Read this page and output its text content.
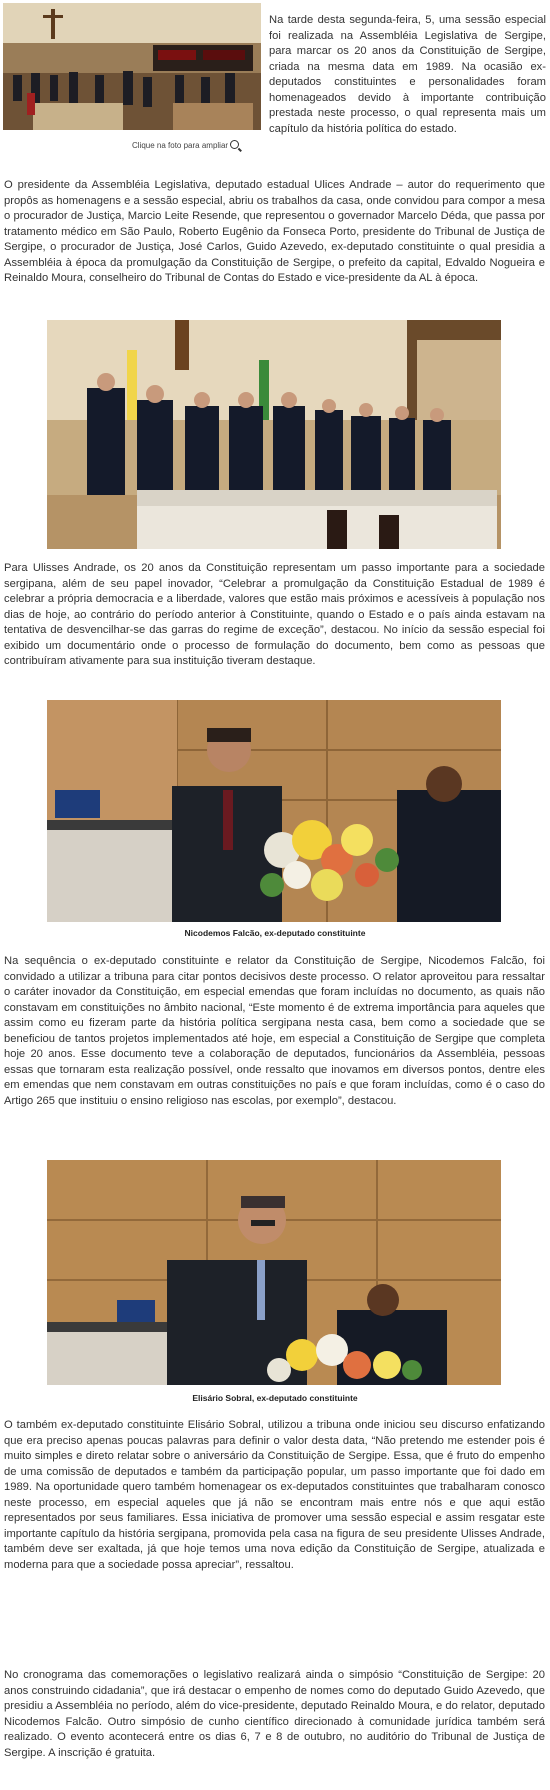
Clique na foto para ampliar

Na tarde desta segunda-feira, 5, uma sessão especial foi realizada na Assembléia Legislativa de Sergipe, para marcar os 20 anos da Constituição de Sergipe, criada na mesma data em 1989. Na ocasião ex-deputados constituintes e personalidades foram homenageados devido à importante contribuição prestada neste processo, o qual representa mais um capítulo da história política do estado.

O presidente da Assembléia Legislativa, deputado estadual Ulices Andrade – autor do requerimento que propôs as homenagens e a sessão especial, abriu os trabalhos da casa, onde convidou para compor a mesa o procurador de Justiça, Marcio Leite Resende, que representou o governador Marcelo Déda, que passa por tratamento médico em São Paulo, Roberto Eugênio da Fonseca Porto, presidente do Tribunal de Justiça de Sergipe, o procurador de Justiça, José Carlos, Guido Azevedo, ex-deputado constituinte o qual presidia a Assembléia à época da promulgação da Constituição de Sergipe, o prefeito da capital, Edvaldo Nogueira e Reinaldo Moura, conselheiro do Tribunal de Contas do Estado e vice-presidente da AL à época.

Para Ulisses Andrade, os 20 anos da Constituição representam um passo importante para a sociedade sergipana, além de seu papel inovador, “Celebrar a promulgação da Constituição Estadual de 1989 é celebrar a própria democracia e a liberdade, valores que estão mais próximos e acessíveis à população nos dias de hoje, ao contrário do período anterior à Constituinte, quando o Estado e o país ainda estavam na tentativa de desvencilhar-se das garras do regime de exceção”, destacou. No início da sessão especial foi exibido um documentário onde o processo de formulação do documento, bem como as pessoas que contribuíram ativamente para sua instituição tiveram destaque.

Nicodemos Falcão, ex-deputado constituinte

Na sequência o ex-deputado constituinte e relator da Constituição de Sergipe, Nicodemos Falcão, foi convidado a utilizar a tribuna para citar pontos decisivos deste processo. O relator aproveitou para ressaltar o caráter inovador da Constituição, em especial emendas que foram incluídas no documento, as quais não constavam em constituições no âmbito nacional, “Este momento é de extrema importância para aqueles que assim como eu fizeram parte da história política sergipana nesta casa, bem como a sociedade que se beneficiou de tantos projetos implementados até hoje, em especial a Constituição de Sergipe que completa hoje 20 anos. Esse documento teve a colaboração de deputados, funcionários da Assembléia, pessoas essas que tornaram esta realização possível, onde ressalto que inovamos em diversos pontos, dentre eles em emendas que nem constavam em outras constituições no país e que foram incluídas, como é o caso do Artigo 265 que instituiu o ensino religioso nas escolas, por exemplo”, destacou.

Elisário Sobral, ex-deputado constituinte

O também ex-deputado constituinte Elisário Sobral, utilizou a tribuna onde iniciou seu discurso enfatizando que era preciso apenas poucas palavras para definir o valor desta data, “Não pretendo me estender pois é muito simples e direto relatar sobre o aniversário da Constituição de Sergipe. Essa, que é fruto do empenho de uma comissão de deputados e também da participação popular, um passo importante que foi dado em 1989. Na oportunidade quero também homenagear os ex-deputados constituintes que trabalharam conosco neste processo, em especial aqueles que já não se encontram mais entre nós e que aqui estão representados por seus familiares. Essa iniciativa de promover uma sessão especial e assim resgatar este importante capítulo da história sergipana, promovida pela casa na figura de seu presidente Ulisses Andrade, também deve ser exaltada, já que hoje temos uma nova edição da Constituição de Sergipe, atualizada e moderna para que a sociedade possa apreciar”, ressaltou.

No cronograma das comemorações o legislativo realizará ainda o simpósio “Constituição de Sergipe: 20 anos construindo cidadania”, que irá destacar o empenho de nomes como do deputado Guido Azevedo, que presidiu a Assembléia no período, além do vice-presidente, deputado Reinaldo Moura, e do relator, deputado Nicodemos Falcão. Outro simpósio de cunho científico direcionado à comunidade jurídica também será realizado. O evento acontecerá entre os dias 6, 7 e 8 de outubro, no auditório do Tribunal de Justiça de Sergipe. A inscrição é gratuita.
